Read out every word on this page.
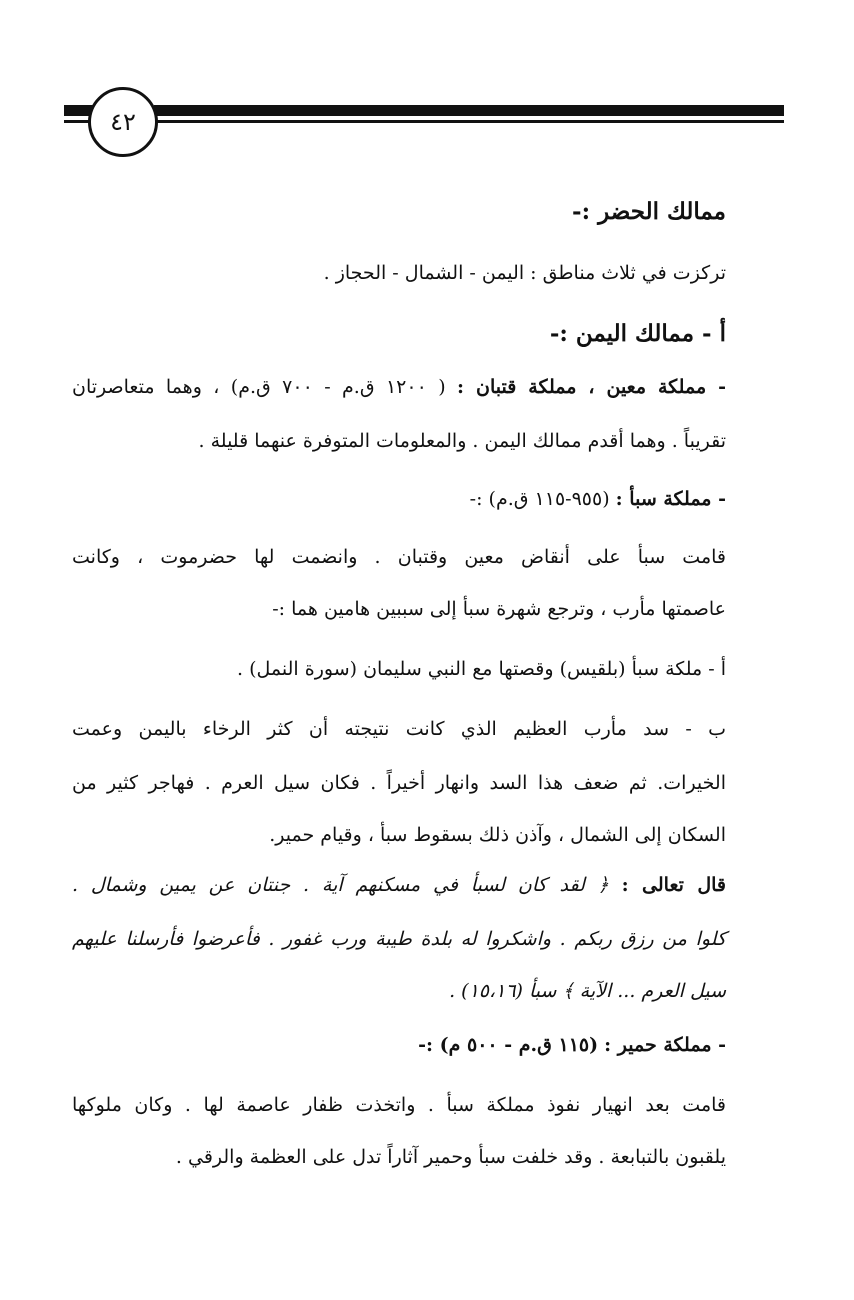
٤٢
ممالك الحضر :-
تركزت في ثلاث مناطق : اليمن - الشمال - الحجاز .
أ - ممالك اليمن :-
- مملكة معين ، مملكة قتبان : ( ١٢٠٠ ق.م - ٧٠٠ ق.م) ، وهما متعاصرتان
تقريباً . وهما أقدم ممالك اليمن . والمعلومات المتوفرة عنهما قليلة .
- مملكة سبأ : (٩٥٥-١١٥ ق.م) :-
قامت سبأ على أنقاض معين وقتبان . وانضمت لها حضرموت ، وكانت
عاصمتها مأرب ، وترجع شهرة سبأ إلى سببين هامين هما :-
أ - ملكة سبأ (بلقيس) وقصتها مع النبي سليمان (سورة النمل) .
ب - سد مأرب العظيم الذي كانت نتيجته أن كثر الرخاء باليمن وعمت
الخيرات. ثم ضعف هذا السد وانهار أخيراً . فكان سيل العرم . فهاجر كثير من
السكان إلى الشمال ، وآذن ذلك بسقوط سبأ ، وقيام حمير.
قال تعالى : ﴿ لقد كان لسبأ في مسكنهم آية . جنتان عن يمين وشمال .
كلوا من رزق ربكم . واشكروا له بلدة طيبة ورب غفور . فأعرضوا فأرسلنا عليهم
سيل العرم ... الآية ﴾ سبأ (١٥،١٦) .
- مملكة حمير : (١١٥ ق.م - ٥٠٠ م) :-
قامت بعد انهيار نفوذ مملكة سبأ . واتخذت ظفار عاصمة لها . وكان ملوكها
يلقبون بالتبابعة . وقد خلفت سبأ وحمير آثاراً تدل على العظمة والرقي .
